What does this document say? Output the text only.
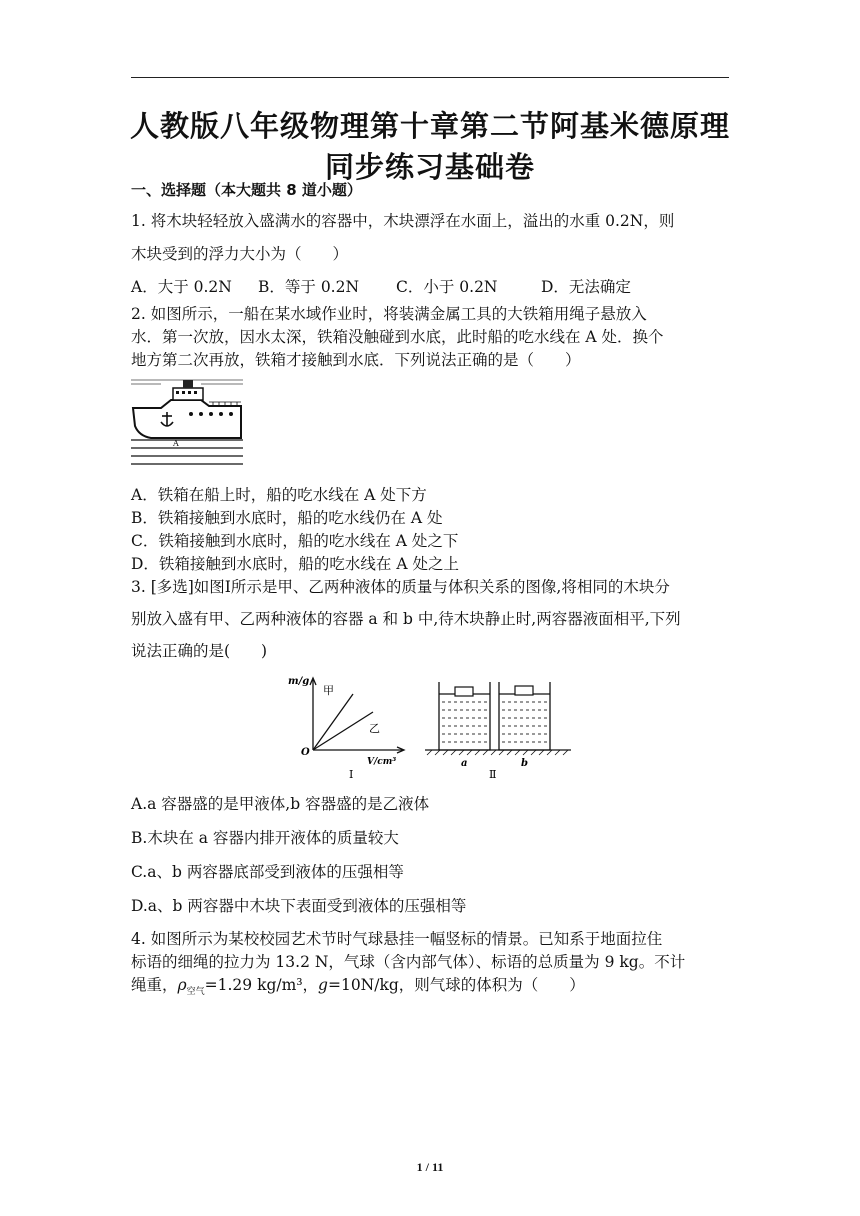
人教版八年级物理第十章第二节阿基米德原理
同步练习基础卷
一、选择题（本大题共 8 道小题）
1. 将木块轻轻放入盛满水的容器中，木块漂浮在水面上，溢出的水重 0.2N，则
木块受到的浮力大小为（　　）
A．大于 0.2N B．等于 0.2N C．小于 0.2N	D．无法确定
2. 如图所示，一船在某水域作业时，将装满金属工具的大铁箱用绳子悬放入
水．第一次放，因水太深，铁箱没触碰到水底，此时船的吃水线在 A 处．换个
地方第二次再放，铁箱才接触到水底．下列说法正确的是（　　）
A
A．铁箱在船上时，船的吃水线在 A 处下方
B．铁箱接触到水底时，船的吃水线仍在 A 处
C．铁箱接触到水底时，船的吃水线在 A 处之下
D．铁箱接触到水底时，船的吃水线在 A 处之上
3. [多选]如图Ⅰ所示是甲、乙两种液体的质量与体积关系的图像,将相同的木块分
别放入盛有甲、乙两种液体的容器 a 和 b 中,待木块静止时,两容器液面相平,下列
说法正确的是(　　)
m/g
甲
乙
O
V/cm³
Ⅰ
a	b
Ⅱ
A.a 容器盛的是甲液体,b 容器盛的是乙液体
B.木块在 a 容器内排开液体的质量较大
C.a、b 两容器底部受到液体的压强相等
D.a、b 两容器中木块下表面受到液体的压强相等
4. 如图所示为某校校园艺术节时气球悬挂一幅竖标的情景。已知系于地面拉住
标语的细绳的拉力为 13.2 N，气球（含内部气体）、标语的总质量为 9 kg。不计
绳重，$\rho_{空气}=1.29$ kg/m³，g=10N/kg，则气球的体积为（　　）
1 / 11
